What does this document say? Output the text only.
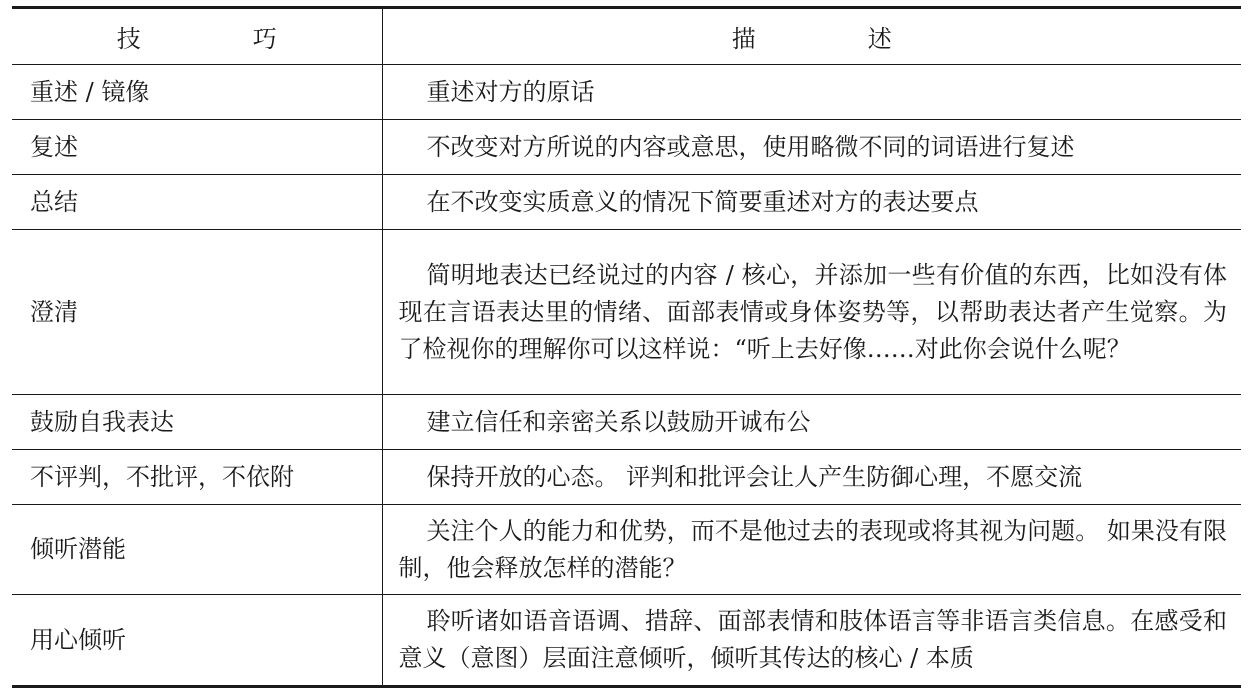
技　巧	描　述
重述 / 镜像	重述对方的原话
复述	不改变对方所说的内容或意思，使用略微不同的词语进行复述
总结	在不改变实质意义的情况下简要重述对方的表达要点
澄清	简明地表达已经说过的内容 / 核心，并添加一些有价值的东西，比如没有体现在言语表达里的情绪、面部表情或身体姿势等，以帮助表达者产生觉察。为了检视你的理解你可以这样说：“听上去好像……对此你会说什么呢？
鼓励自我表达	建立信任和亲密关系以鼓励开诚布公
不评判，不批评，不依附	保持开放的心态。 评判和批评会让人产生防御心理，不愿交流
倾听潜能	关注个人的能力和优势，而不是他过去的表现或将其视为问题。 如果没有限制，他会释放怎样的潜能？
用心倾听	聆听诸如语音语调、措辞、面部表情和肢体语言等非语言类信息。在感受和意义（意图）层面注意倾听，倾听其传达的核心 / 本质
